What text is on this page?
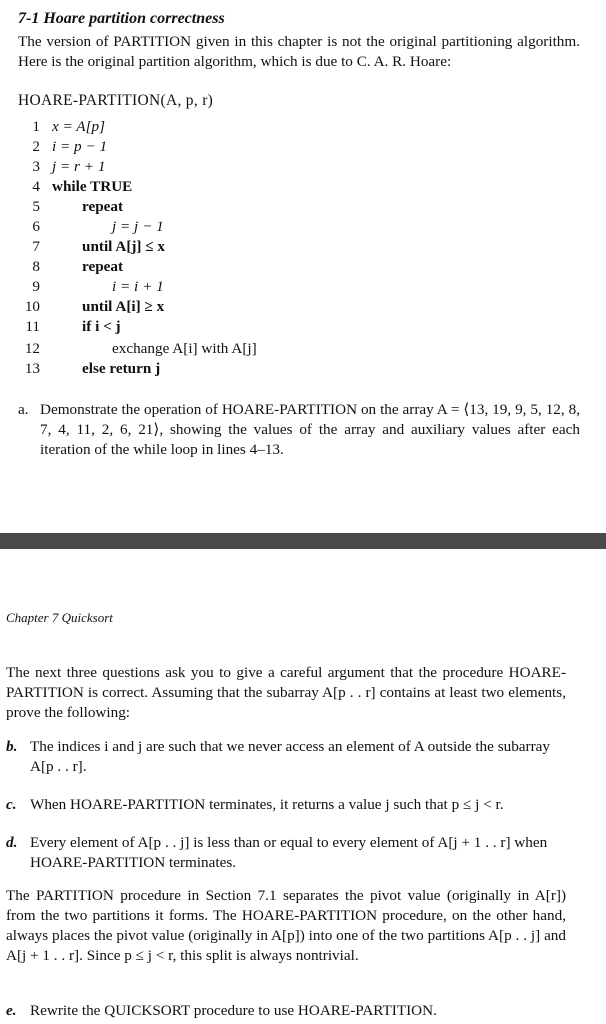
7-1 Hoare partition correctness
The version of PARTITION given in this chapter is not the original partitioning algorithm. Here is the original partition algorithm, which is due to C. A. R. Hoare:
HOARE-PARTITION(A, p, r)
1 x = A[p]
2 i = p − 1
3 j = r + 1
4 while TRUE
5	repeat
6	j = j − 1
7	until A[j] ≤ x
8	repeat
9	i = i + 1
10	until A[i] ≥ x
11	if i < j
12	exchange A[i] with A[j]
13	else return j
a. Demonstrate the operation of HOARE-PARTITION on the array A = ⟨13, 19, 9, 5, 12, 8, 7, 4, 11, 2, 6, 21⟩, showing the values of the array and auxiliary values after each iteration of the while loop in lines 4–13.
Chapter 7 Quicksort
The next three questions ask you to give a careful argument that the procedure HOARE-PARTITION is correct. Assuming that the subarray A[p . . r] contains at least two elements, prove the following:
b. The indices i and j are such that we never access an element of A outside the subarray A[p . . r].
c. When HOARE-PARTITION terminates, it returns a value j such that p ≤ j < r.
d. Every element of A[p . . j] is less than or equal to every element of A[j + 1 . . r] when HOARE-PARTITION terminates.
The PARTITION procedure in Section 7.1 separates the pivot value (originally in A[r]) from the two partitions it forms. The HOARE-PARTITION procedure, on the other hand, always places the pivot value (originally in A[p]) into one of the two partitions A[p . . j] and A[j + 1 . . r]. Since p ≤ j < r, this split is always nontrivial.
e. Rewrite the QUICKSORT procedure to use HOARE-PARTITION.
